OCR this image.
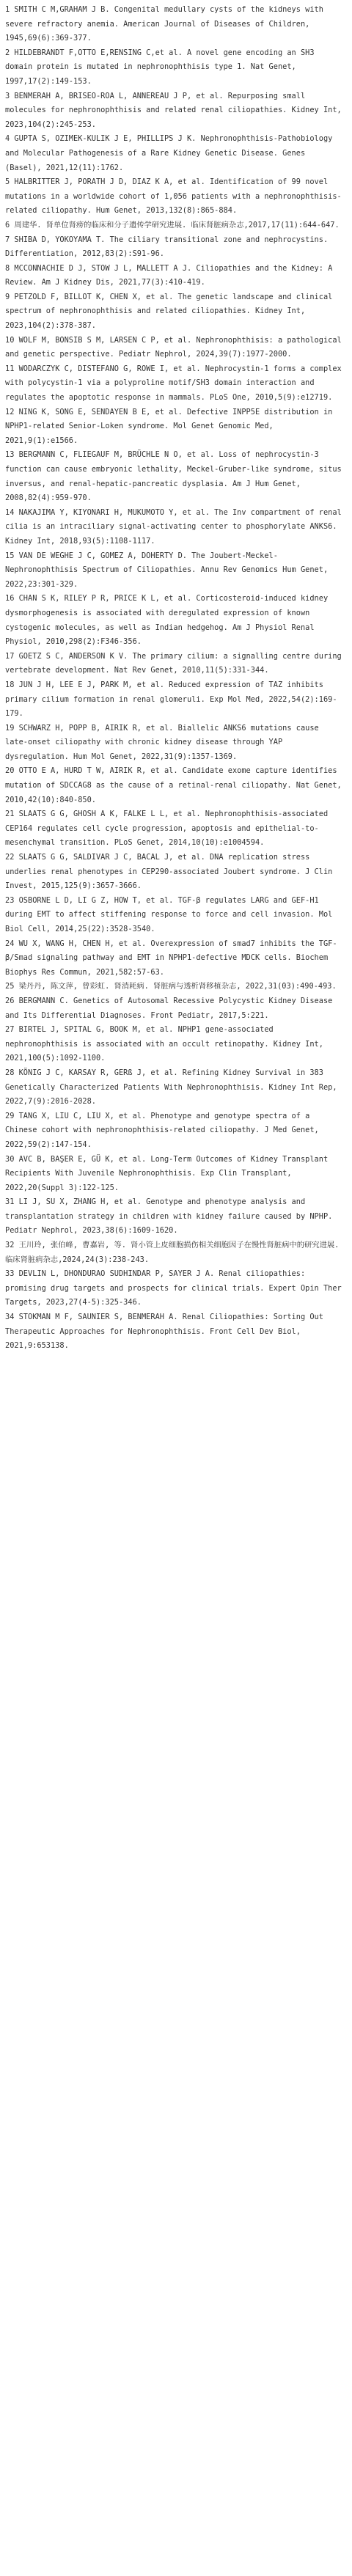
1 SMITH C M,GRAHAM J B. Congenital medullary cysts of the kidneys with severe refractory anemia. American Journal of Diseases of Children, 1945,69(6):369-377.
2 HILDEBRANDT F,OTTO E,RENSING C,et al. A novel gene encoding an SH3 domain protein is mutated in nephronophthisis type 1. Nat Genet, 1997,17(2):149-153.
3 BENMERAH A, BRISEO-ROA L, ANNEREAU J P, et al. Repurposing small molecules for nephronophthisis and related renal ciliopathies. Kidney Int, 2023,104(2):245-253.
4 GUPTA S, OZIMEK-KULIK J E, PHILLIPS J K. Nephronophthisis-Pathobiology and Molecular Pathogenesis of a Rare Kidney Genetic Disease. Genes (Basel), 2021,12(11):1762.
5 HALBRITTER J, PORATH J D, DIAZ K A, et al. Identification of 99 novel mutations in a worldwide cohort of 1,056 patients with a nephronophthisis-related ciliopathy. Hum Genet, 2013,132(8):865-884.
6 周建华. 肾单位肾痨的临床和分子遗传学研究进展. 临床肾脏病杂志,2017,17(11):644-647.
7 SHIBA D, YOKOYAMA T. The ciliary transitional zone and nephrocystins. Differentiation, 2012,83(2):S91-96.
8 MCCONNACHIE D J, STOW J L, MALLETT A J. Ciliopathies and the Kidney: A Review. Am J Kidney Dis, 2021,77(3):410-419.
9 PETZOLD F, BILLOT K, CHEN X, et al. The genetic landscape and clinical spectrum of nephronophthisis and related ciliopathies. Kidney Int, 2023,104(2):378-387.
10 WOLF M, BONSIB S M, LARSEN C P, et al. Nephronophthisis: a pathological and genetic perspective. Pediatr Nephrol, 2024,39(7):1977-2000.
11 WODARCZYK C, DISTEFANO G, ROWE I, et al. Nephrocystin-1 forms a complex with polycystin-1 via a polyproline motif/SH3 domain interaction and regulates the apoptotic response in mammals. PLoS One, 2010,5(9):e12719.
12 NING K, SONG E, SENDAYEN B E, et al. Defective INPP5E distribution in NPHP1-related Senior-Loken syndrome. Mol Genet Genomic Med, 2021,9(1):e1566.
13 BERGMANN C, FLIEGAUF M, BRÜCHLE N O, et al. Loss of nephrocystin-3 function can cause embryonic lethality, Meckel-Gruber-like syndrome, situs inversus, and renal-hepatic-pancreatic dysplasia. Am J Hum Genet, 2008,82(4):959-970.
14 NAKAJIMA Y, KIYONARI H, MUKUMOTO Y, et al. The Inv compartment of renal cilia is an intraciliary signal-activating center to phosphorylate ANKS6. Kidney Int, 2018,93(5):1108-1117.
15 VAN DE WEGHE J C, GOMEZ A, DOHERTY D. The Joubert-Meckel-Nephronophthisis Spectrum of Ciliopathies. Annu Rev Genomics Hum Genet, 2022,23:301-329.
16 CHAN S K, RILEY P R, PRICE K L, et al. Corticosteroid-induced kidney dysmorphogenesis is associated with deregulated expression of known cystogenic molecules, as well as Indian hedgehog. Am J Physiol Renal Physiol, 2010,298(2):F346-356.
17 GOETZ S C, ANDERSON K V. The primary cilium: a signalling centre during vertebrate development. Nat Rev Genet, 2010,11(5):331-344.
18 JUN J H, LEE E J, PARK M, et al. Reduced expression of TAZ inhibits primary cilium formation in renal glomeruli. Exp Mol Med, 2022,54(2):169-179.
19 SCHWARZ H, POPP B, AIRIK R, et al. Biallelic ANKS6 mutations cause late-onset ciliopathy with chronic kidney disease through YAP dysregulation. Hum Mol Genet, 2022,31(9):1357-1369.
20 OTTO E A, HURD T W, AIRIK R, et al. Candidate exome capture identifies mutation of SDCCAG8 as the cause of a retinal-renal ciliopathy. Nat Genet, 2010,42(10):840-850.
21 SLAATS G G, GHOSH A K, FALKE L L, et al. Nephronophthisis-associated CEP164 regulates cell cycle progression, apoptosis and epithelial-to-mesenchymal transition. PLoS Genet, 2014,10(10):e1004594.
22 SLAATS G G, SALDIVAR J C, BACAL J, et al. DNA replication stress underlies renal phenotypes in CEP290-associated Joubert syndrome. J Clin Invest, 2015,125(9):3657-3666.
23 OSBORNE L D, LI G Z, HOW T, et al. TGF-β regulates LARG and GEF-H1 during EMT to affect stiffening response to force and cell invasion. Mol Biol Cell, 2014,25(22):3528-3540.
24 WU X, WANG H, CHEN H, et al. Overexpression of smad7 inhibits the TGF-β/Smad signaling pathway and EMT in NPHP1-defective MDCK cells. Biochem Biophys Res Commun, 2021,582:57-63.
25 梁丹丹, 陈文萍, 曾彩虹. 肾消耗病. 肾脏病与透析肾移植杂志, 2022,31(03):490-493.
26 BERGMANN C. Genetics of Autosomal Recessive Polycystic Kidney Disease and Its Differential Diagnoses. Front Pediatr, 2017,5:221.
27 BIRTEL J, SPITAL G, BOOK M, et al. NPHP1 gene-associated nephronophthisis is associated with an occult retinopathy. Kidney Int, 2021,100(5):1092-1100.
28 KÖNIG J C, KARSAY R, GERß J, et al. Refining Kidney Survival in 383 Genetically Characterized Patients With Nephronophthisis. Kidney Int Rep, 2022,7(9):2016-2028.
29 TANG X, LIU C, LIU X, et al. Phenotype and genotype spectra of a Chinese cohort with nephronophthisis-related ciliopathy. J Med Genet, 2022,59(2):147-154.
30 AVC B, BAŞER E, GÜ K, et al. Long-Term Outcomes of Kidney Transplant Recipients With Juvenile Nephronophthisis. Exp Clin Transplant, 2022,20(Suppl 3):122-125.
31 LI J, SU X, ZHANG H, et al. Genotype and phenotype analysis and transplantation strategy in children with kidney failure caused by NPHP. Pediatr Nephrol, 2023,38(6):1609-1620.
32 王川玲, 张伯峰, 曹嘉岩, 等. 肾小管上皮细胞损伤相关细胞因子在慢性肾脏病中的研究进展. 临床肾脏病杂志,2024,24(3):238-243.
33 DEVLIN L, DHONDURAO SUDHINDAR P, SAYER J A. Renal ciliopathies: promising drug targets and prospects for clinical trials. Expert Opin Ther Targets, 2023,27(4-5):325-346.
34 STOKMAN M F, SAUNIER S, BENMERAH A. Renal Ciliopathies: Sorting Out Therapeutic Approaches for Nephronophthisis. Front Cell Dev Biol, 2021,9:653138.
